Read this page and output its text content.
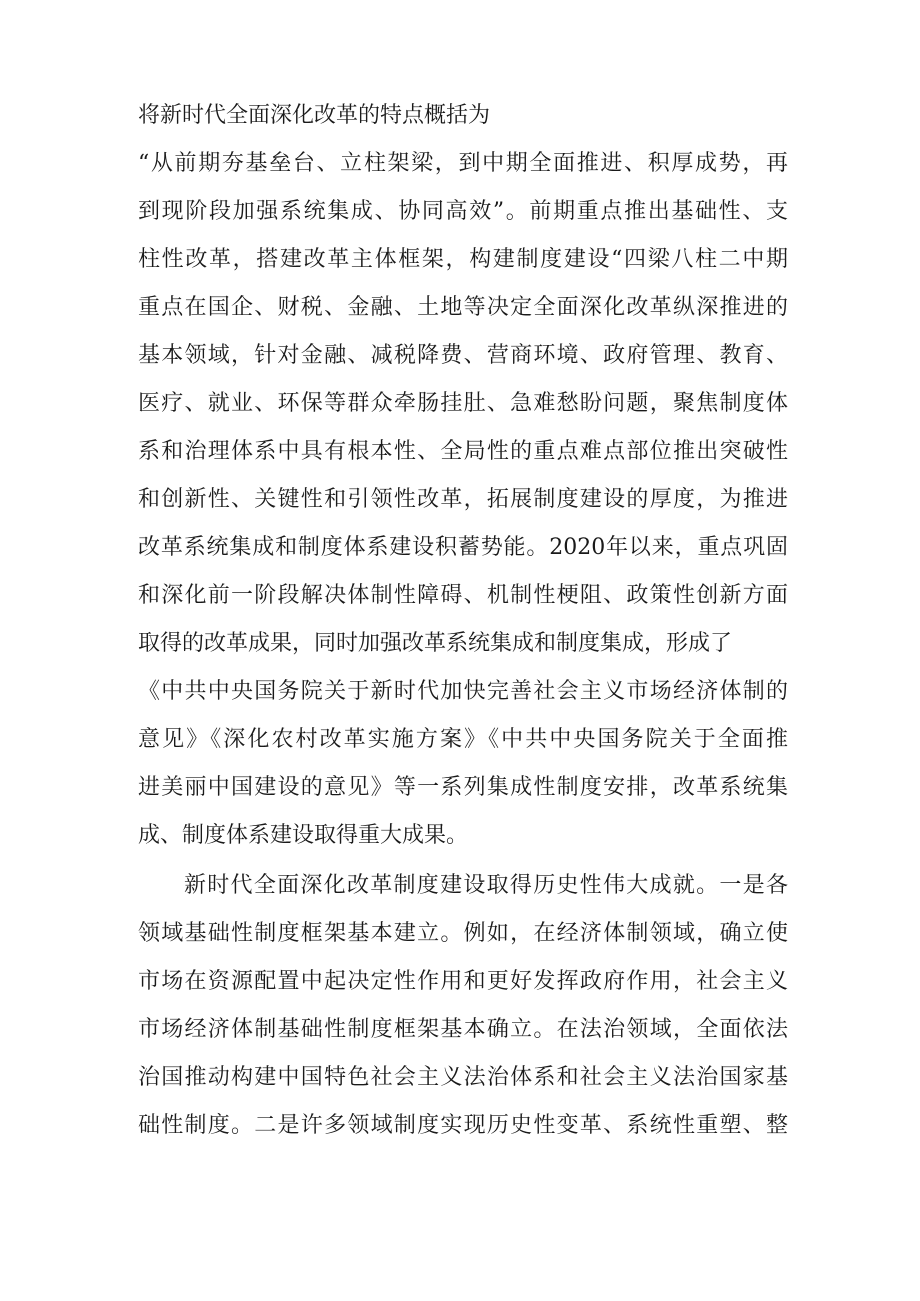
将新时代全面深化改革的特点概括为
“从前期夯基垒台、立柱架梁，到中期全面推进、积厚成势，再
到现阶段加强系统集成、协同高效”。前期重点推出基础性、支
柱性改革，搭建改革主体框架，构建制度建设“四梁八柱二中期
重点在国企、财税、金融、土地等决定全面深化改革纵深推进的
基本领域，针对金融、减税降费、营商环境、政府管理、教育、
医疗、就业、环保等群众牵肠挂肚、急难愁盼问题，聚焦制度体
系和治理体系中具有根本性、全局性的重点难点部位推出突破性
和创新性、关键性和引领性改革，拓展制度建设的厚度，为推进
改革系统集成和制度体系建设积蓄势能。2020年以来，重点巩固
和深化前一阶段解决体制性障碍、机制性梗阻、政策性创新方面
取得的改革成果，同时加强改革系统集成和制度集成，形成了
《中共中央国务院关于新时代加快完善社会主义市场经济体制的
意见》《深化农村改革实施方案》《中共中央国务院关于全面推
进美丽中国建设的意见》等一系列集成性制度安排，改革系统集
成、制度体系建设取得重大成果。
新时代全面深化改革制度建设取得历史性伟大成就。一是各
领域基础性制度框架基本建立。例如，在经济体制领域，确立使
市场在资源配置中起决定性作用和更好发挥政府作用，社会主义
市场经济体制基础性制度框架基本确立。在法治领域，全面依法
治国推动构建中国特色社会主义法治体系和社会主义法治国家基
础性制度。二是许多领域制度实现历史性变革、系统性重塑、整
